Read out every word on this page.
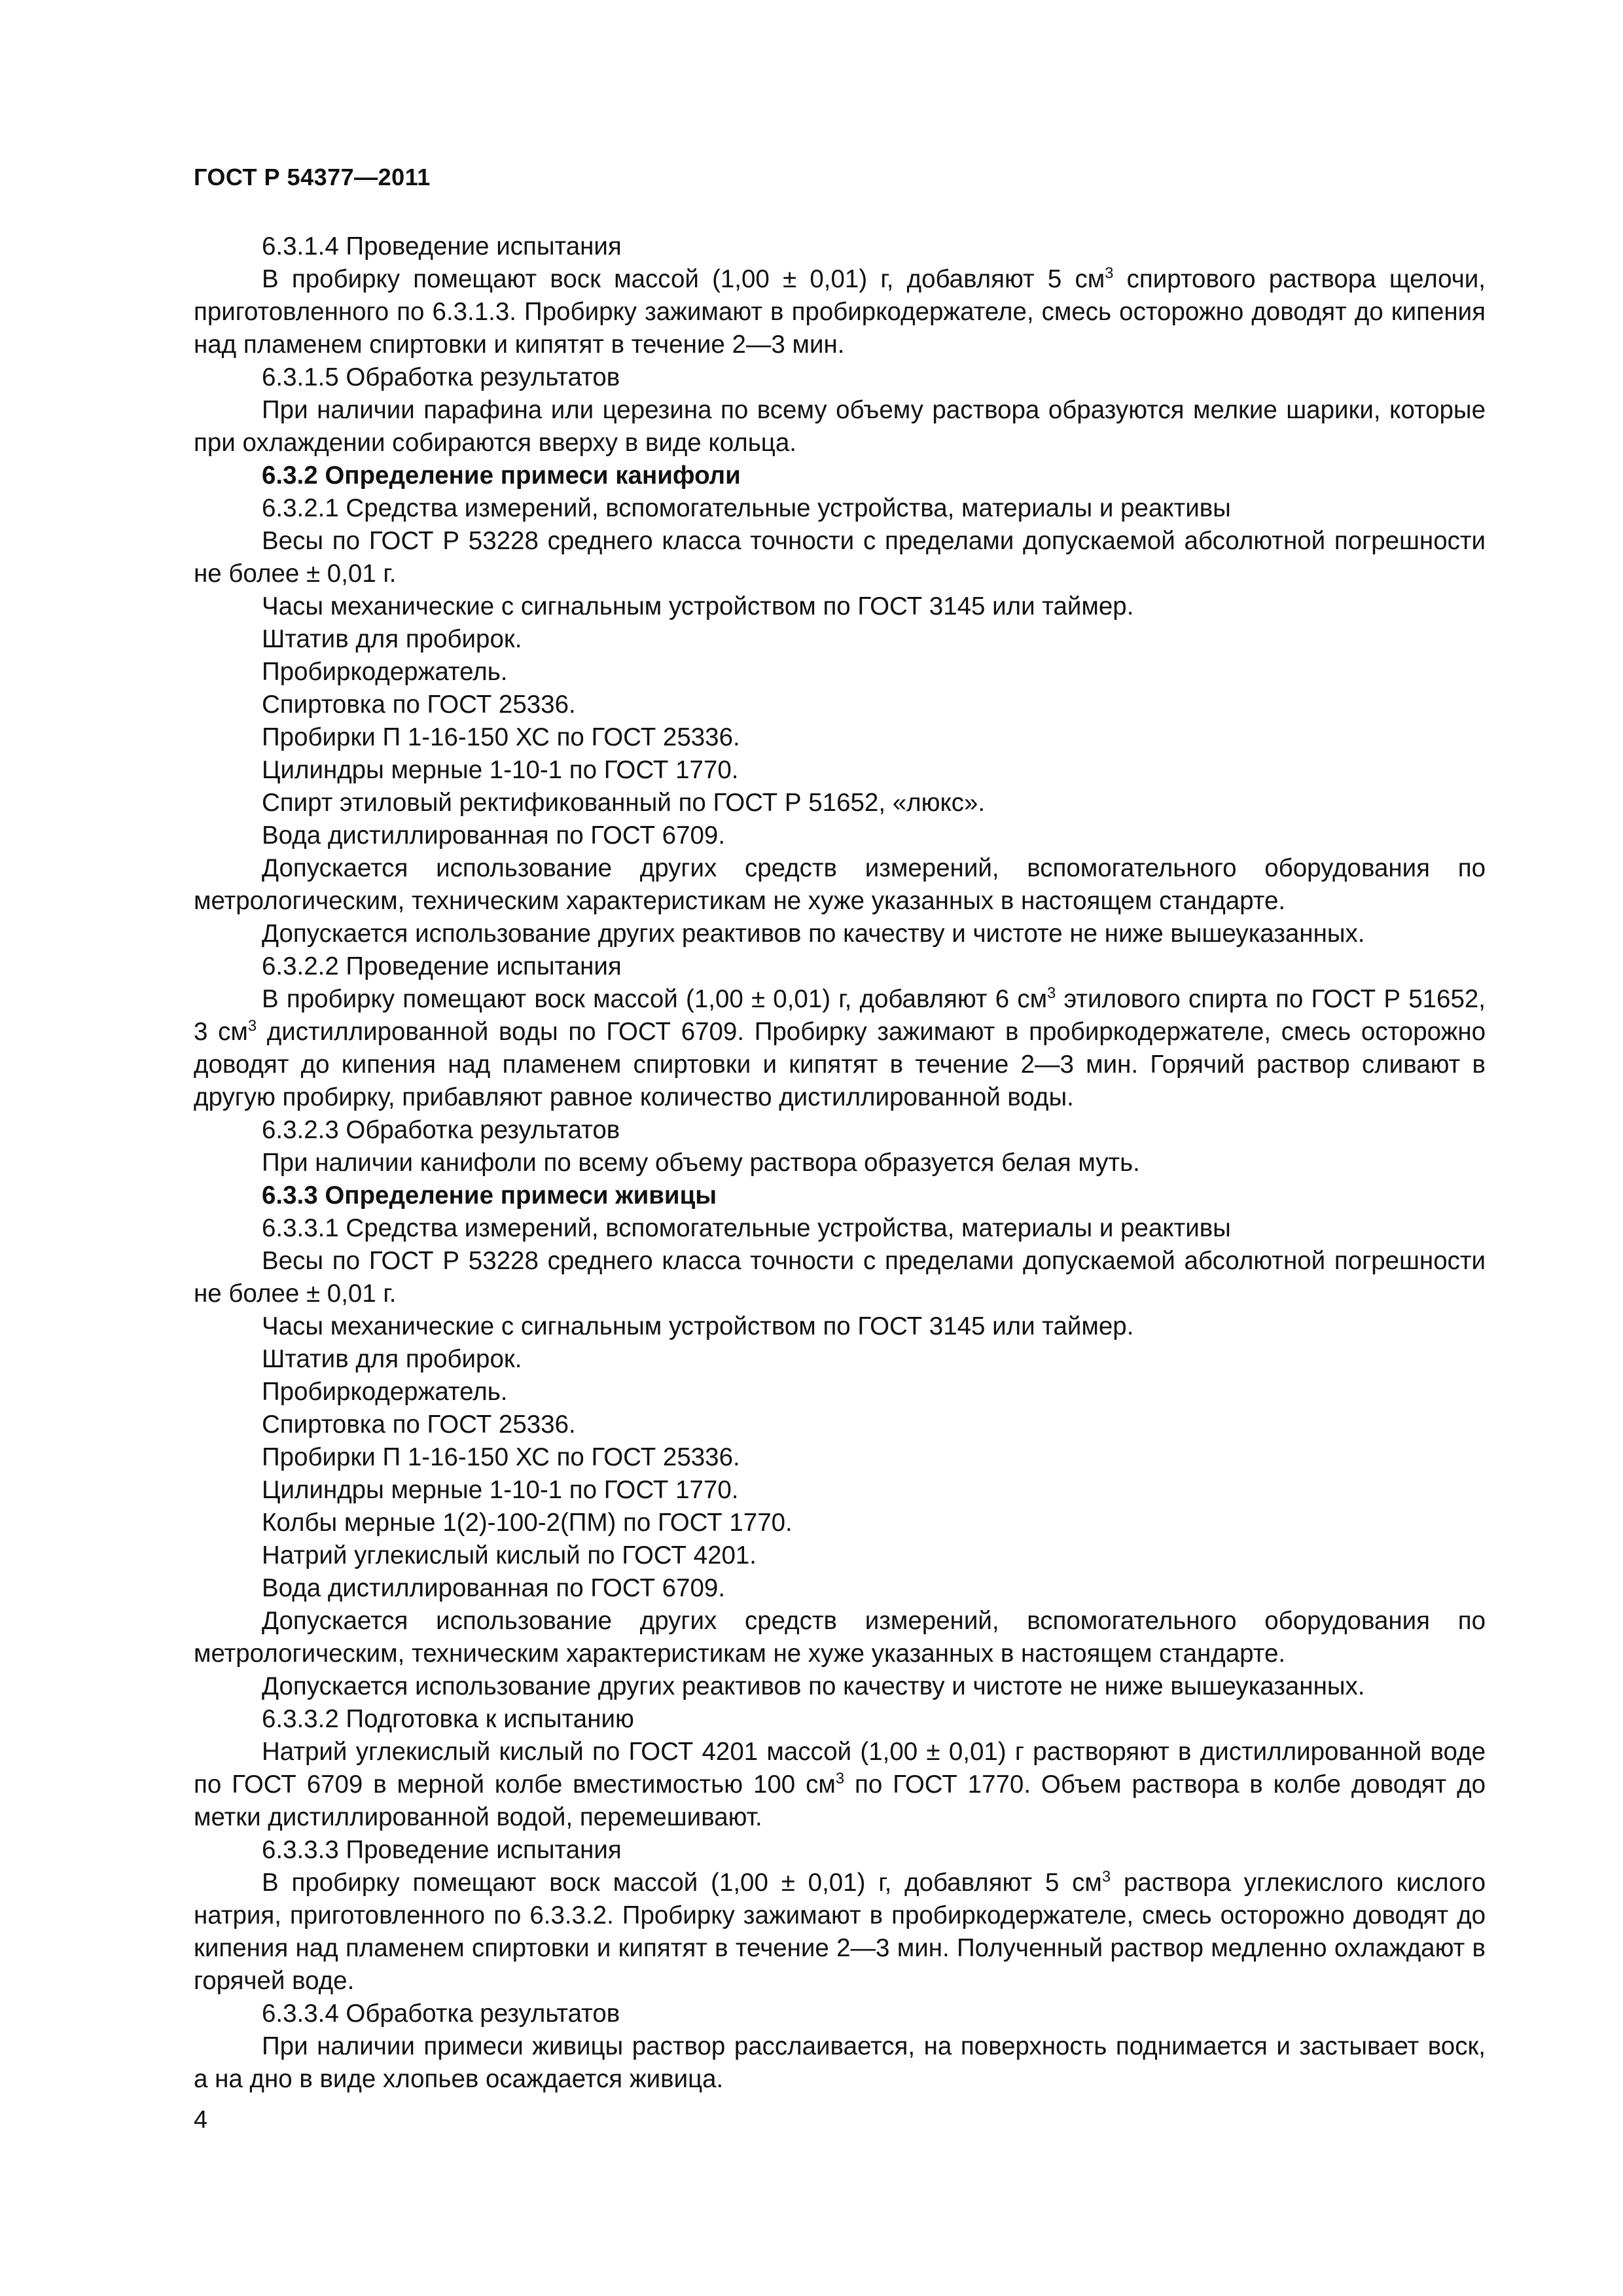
ГОСТ Р 54377—2011

6.3.1.4 Проведение испытания

В пробирку помещают воск массой (1,00 ± 0,01) г, добавляют 5 $см^3$ спиртового раствора щелочи, приготовленного по 6.3.1.3. Пробирку зажимают в пробиркодержателе, смесь осторожно доводят до кипения над пламенем спиртовки и кипятят в течение 2—3 мин.

6.3.1.5 Обработка результатов

При наличии парафина или церезина по всему объему раствора образуются мелкие шарики, которые при охлаждении собираются вверху в виде кольца.

6.3.2 Определение примеси канифоли

6.3.2.1 Средства измерений, вспомогательные устройства, материалы и реактивы

Весы по ГОСТ Р 53228 среднего класса точности с пределами допускаемой абсолютной погрешности не более ± 0,01 г.

Часы механические с сигнальным устройством по ГОСТ 3145 или таймер.

Штатив для пробирок.

Пробиркодержатель.

Спиртовка по ГОСТ 25336.

Пробирки П 1-16-150 ХС по ГОСТ 25336.

Цилиндры мерные 1-10-1 по ГОСТ 1770.

Спирт этиловый ректификованный по ГОСТ Р 51652, «люкс».

Вода дистиллированная по ГОСТ 6709.

Допускается использование других средств измерений, вспомогательного оборудования по метрологическим, техническим характеристикам не хуже указанных в настоящем стандарте.

Допускается использование других реактивов по качеству и чистоте не ниже вышеуказанных.

6.3.2.2 Проведение испытания

В пробирку помещают воск массой (1,00 ± 0,01) г, добавляют 6 $см^3$ этилового спирта по ГОСТ Р 51652, 3 $см^3$ дистиллированной воды по ГОСТ 6709. Пробирку зажимают в пробиркодержателе, смесь осторожно доводят до кипения над пламенем спиртовки и кипятят в течение 2—3 мин. Горячий раствор сливают в другую пробирку, прибавляют равное количество дистиллированной воды.

6.3.2.3 Обработка результатов

При наличии канифоли по всему объему раствора образуется белая муть.

6.3.3 Определение примеси живицы

6.3.3.1 Средства измерений, вспомогательные устройства, материалы и реактивы

Весы по ГОСТ Р 53228 среднего класса точности с пределами допускаемой абсолютной погрешности не более ± 0,01 г.

Часы механические с сигнальным устройством по ГОСТ 3145 или таймер.

Штатив для пробирок.

Пробиркодержатель.

Спиртовка по ГОСТ 25336.

Пробирки П 1-16-150 ХС по ГОСТ 25336.

Цилиндры мерные 1-10-1 по ГОСТ 1770.

Колбы мерные 1(2)-100-2(ПМ) по ГОСТ 1770.

Натрий углекислый кислый по ГОСТ 4201.

Вода дистиллированная по ГОСТ 6709.

Допускается использование других средств измерений, вспомогательного оборудования по метрологическим, техническим характеристикам не хуже указанных в настоящем стандарте.

Допускается использование других реактивов по качеству и чистоте не ниже вышеуказанных.

6.3.3.2 Подготовка к испытанию

Натрий углекислый кислый по ГОСТ 4201 массой (1,00 ± 0,01) г растворяют в дистиллированной воде по ГОСТ 6709 в мерной колбе вместимостью 100 $см^3$ по ГОСТ 1770. Объем раствора в колбе доводят до метки дистиллированной водой, перемешивают.

6.3.3.3 Проведение испытания

В пробирку помещают воск массой (1,00 ± 0,01) г, добавляют 5 $см^3$ раствора углекислого кислого натрия, приготовленного по 6.3.3.2. Пробирку зажимают в пробиркодержателе, смесь осторожно доводят до кипения над пламенем спиртовки и кипятят в течение 2—3 мин. Полученный раствор медленно охлаждают в горячей воде.

6.3.3.4 Обработка результатов

При наличии примеси живицы раствор расслаивается, на поверхность поднимается и застывает воск, а на дно в виде хлопьев осаждается живица.

4
